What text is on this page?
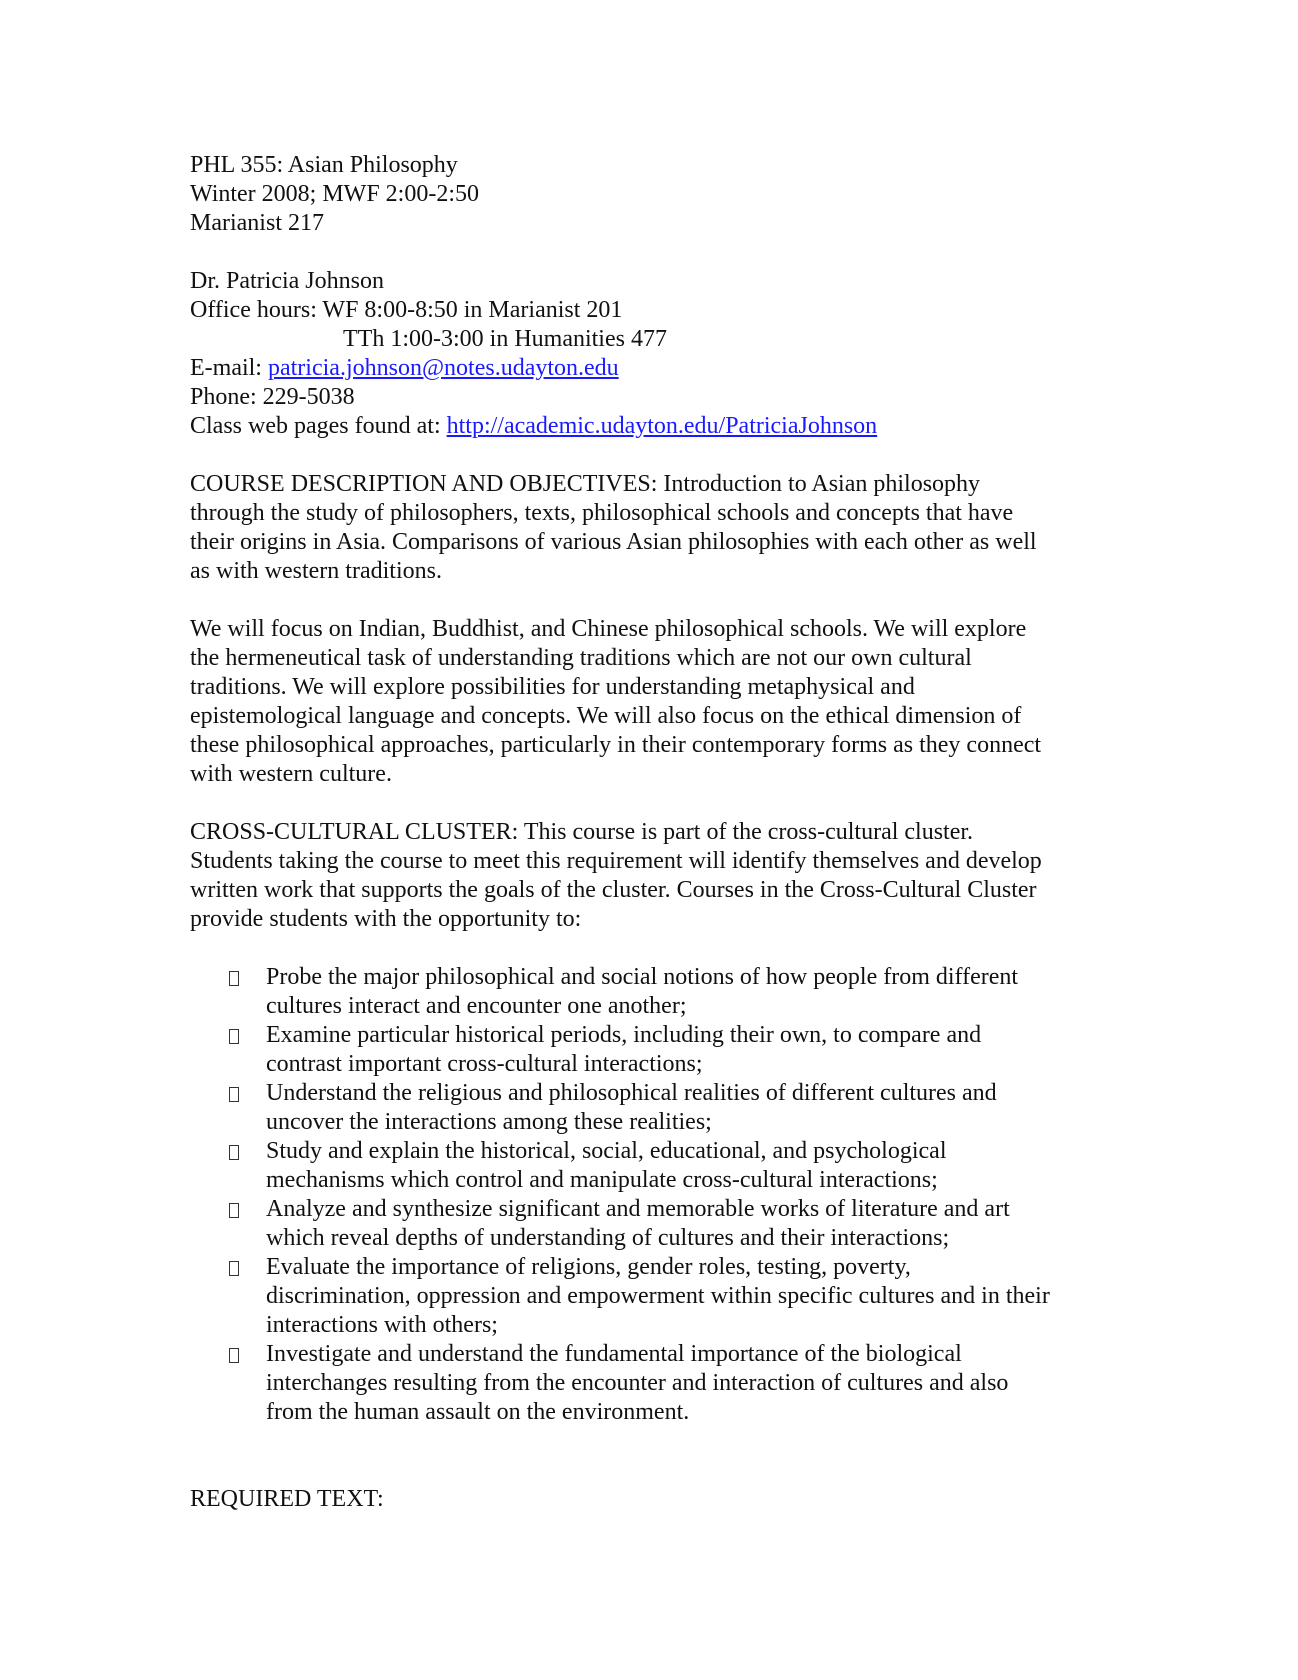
PHL 355: Asian Philosophy
Winter 2008; MWF 2:00-2:50
Marianist 217
Dr. Patricia Johnson
Office hours: WF 8:00-8:50 in Marianist 201
TTh 1:00-3:00 in Humanities 477
E-mail: patricia.johnson@notes.udayton.edu
Phone: 229-5038
Class web pages found at: http://academic.udayton.edu/PatriciaJohnson
COURSE DESCRIPTION AND OBJECTIVES: Introduction to Asian philosophy
through the study of philosophers, texts, philosophical schools and concepts that have
their origins in Asia. Comparisons of various Asian philosophies with each other as well
as with western traditions.
We will focus on Indian, Buddhist, and Chinese philosophical schools. We will explore
the hermeneutical task of understanding traditions which are not our own cultural
traditions. We will explore possibilities for understanding metaphysical and
epistemological language and concepts. We will also focus on the ethical dimension of
these philosophical approaches, particularly in their contemporary forms as they connect
with western culture.
CROSS-CULTURAL CLUSTER: This course is part of the cross-cultural cluster.
Students taking the course to meet this requirement will identify themselves and develop
written work that supports the goals of the cluster. Courses in the Cross-Cultural Cluster
provide students with the opportunity to:
Probe the major philosophical and social notions of how people from different
cultures interact and encounter one another;
Examine particular historical periods, including their own, to compare and
contrast important cross-cultural interactions;
Understand the religious and philosophical realities of different cultures and
uncover the interactions among these realities;
Study and explain the historical, social, educational, and psychological
mechanisms which control and manipulate cross-cultural interactions;
Analyze and synthesize significant and memorable works of literature and art
which reveal depths of understanding of cultures and their interactions;
Evaluate the importance of religions, gender roles, testing, poverty,
discrimination, oppression and empowerment within specific cultures and in their
interactions with others;
Investigate and understand the fundamental importance of the biological
interchanges resulting from the encounter and interaction of cultures and also
from the human assault on the environment.
REQUIRED TEXT:
